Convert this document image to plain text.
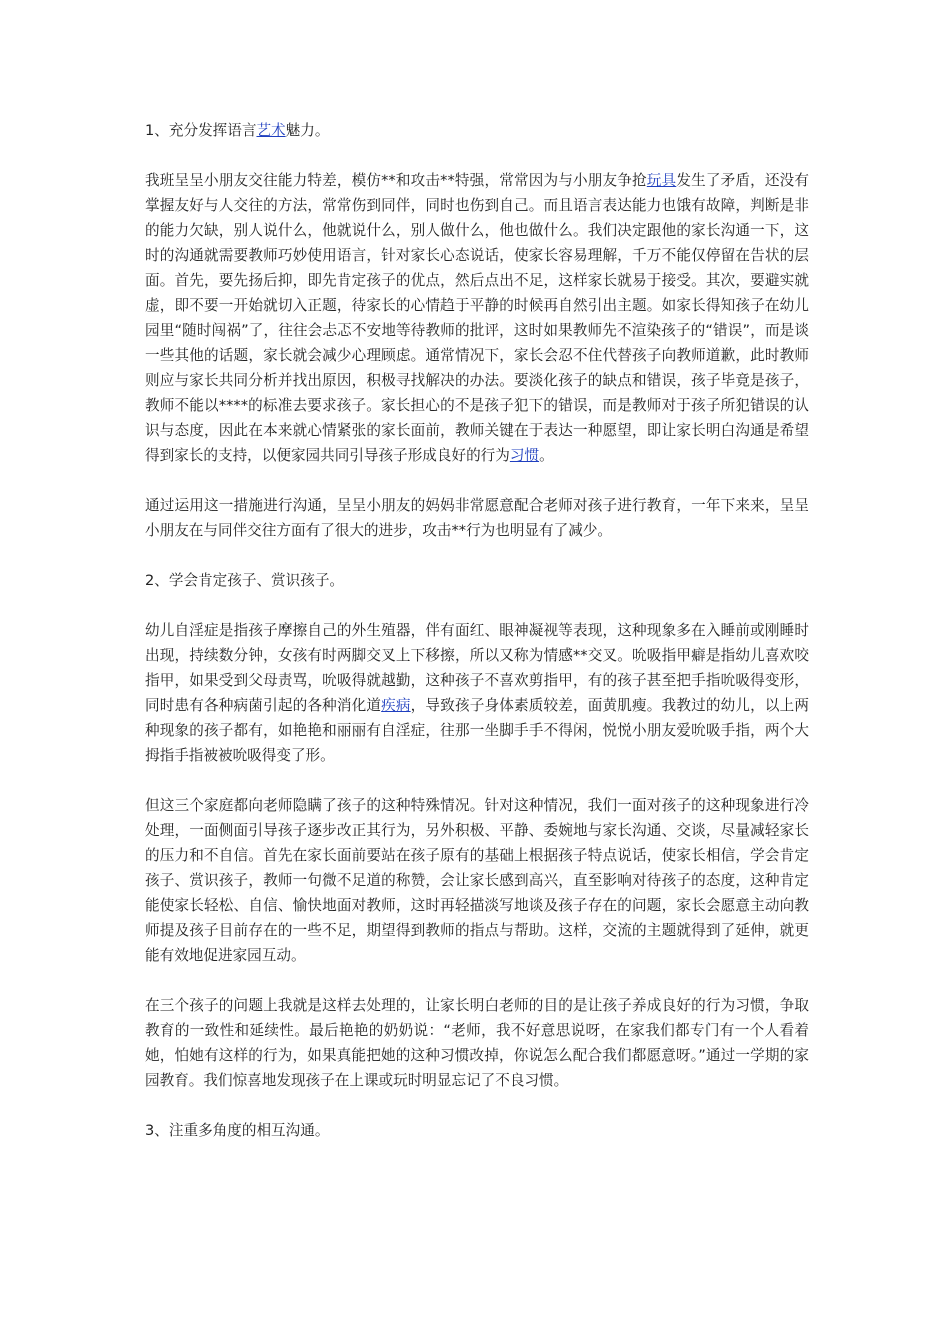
1、充分发挥语言艺术魅力。

我班呈呈小朋友交往能力特差，模仿**和攻击**特强，常常因为与小朋友争抢玩具发生了矛盾，还没有掌握友好与人交往的方法，常常伤到同伴，同时也伤到自己。而且语言表达能力也饿有故障，判断是非的能力欠缺，别人说什么，他就说什么，别人做什么，他也做什么。我们决定跟他的家长沟通一下，这时的沟通就需要教师巧妙使用语言，针对家长心态说话，使家长容易理解，千万不能仅停留在告状的层面。首先，要先扬后抑，即先肯定孩子的优点，然后点出不足，这样家长就易于接受。其次，要避实就虚，即不要一开始就切入正题，待家长的心情趋于平静的时候再自然引出主题。如家长得知孩子在幼儿园里“随时闯祸”了，往往会忐忑不安地等待教师的批评，这时如果教师先不渲染孩子的“错误”，而是谈一些其他的话题，家长就会减少心理顾虑。通常情况下，家长会忍不住代替孩子向教师道歉，此时教师则应与家长共同分析并找出原因，积极寻找解决的办法。要淡化孩子的缺点和错误，孩子毕竟是孩子，教师不能以****的标准去要求孩子。家长担心的不是孩子犯下的错误，而是教师对于孩子所犯错误的认识与态度，因此在本来就心情紧张的家长面前，教师关键在于表达一种愿望，即让家长明白沟通是希望得到家长的支持，以便家园共同引导孩子形成良好的行为习惯。

通过运用这一措施进行沟通，呈呈小朋友的妈妈非常愿意配合老师对孩子进行教育，一年下来来，呈呈小朋友在与同伴交往方面有了很大的进步，攻击**行为也明显有了减少。

2、学会肯定孩子、赏识孩子。

幼儿自淫症是指孩子摩擦自己的外生殖器，伴有面红、眼神凝视等表现，这种现象多在入睡前或刚睡时出现，持续数分钟，女孩有时两脚交叉上下移擦，所以又称为情感**交叉。吮吸指甲癖是指幼儿喜欢咬指甲，如果受到父母责骂，吮吸得就越勤，这种孩子不喜欢剪指甲，有的孩子甚至把手指吮吸得变形，同时患有各种病菌引起的各种消化道疾病，导致孩子身体素质较差，面黄肌瘦。我教过的幼儿，以上两种现象的孩子都有，如艳艳和丽丽有自淫症，往那一坐脚手手不得闲，悦悦小朋友爱吮吸手指，两个大拇指手指被被吮吸得变了形。

但这三个家庭都向老师隐瞒了孩子的这种特殊情况。针对这种情况，我们一面对孩子的这种现象进行冷处理，一面侧面引导孩子逐步改正其行为，另外积极、平静、委婉地与家长沟通、交谈，尽量减轻家长的压力和不自信。首先在家长面前要站在孩子原有的基础上根据孩子特点说话，使家长相信，学会肯定孩子、赏识孩子，教师一句微不足道的称赞，会让家长感到高兴，直至影响对待孩子的态度，这种肯定能使家长轻松、自信、愉快地面对教师，这时再轻描淡写地谈及孩子存在的问题，家长会愿意主动向教师提及孩子目前存在的一些不足，期望得到教师的指点与帮助。这样，交流的主题就得到了延伸，就更能有效地促进家园互动。

在三个孩子的问题上我就是这样去处理的，让家长明白老师的目的是让孩子养成良好的行为习惯，争取教育的一致性和延续性。最后艳艳的奶奶说：“老师，我不好意思说呀，在家我们都专门有一个人看着她，怕她有这样的行为，如果真能把她的这种习惯改掉，你说怎么配合我们都愿意呀。”通过一学期的家园教育。我们惊喜地发现孩子在上课或玩时明显忘记了不良习惯。

3、注重多角度的相互沟通。
